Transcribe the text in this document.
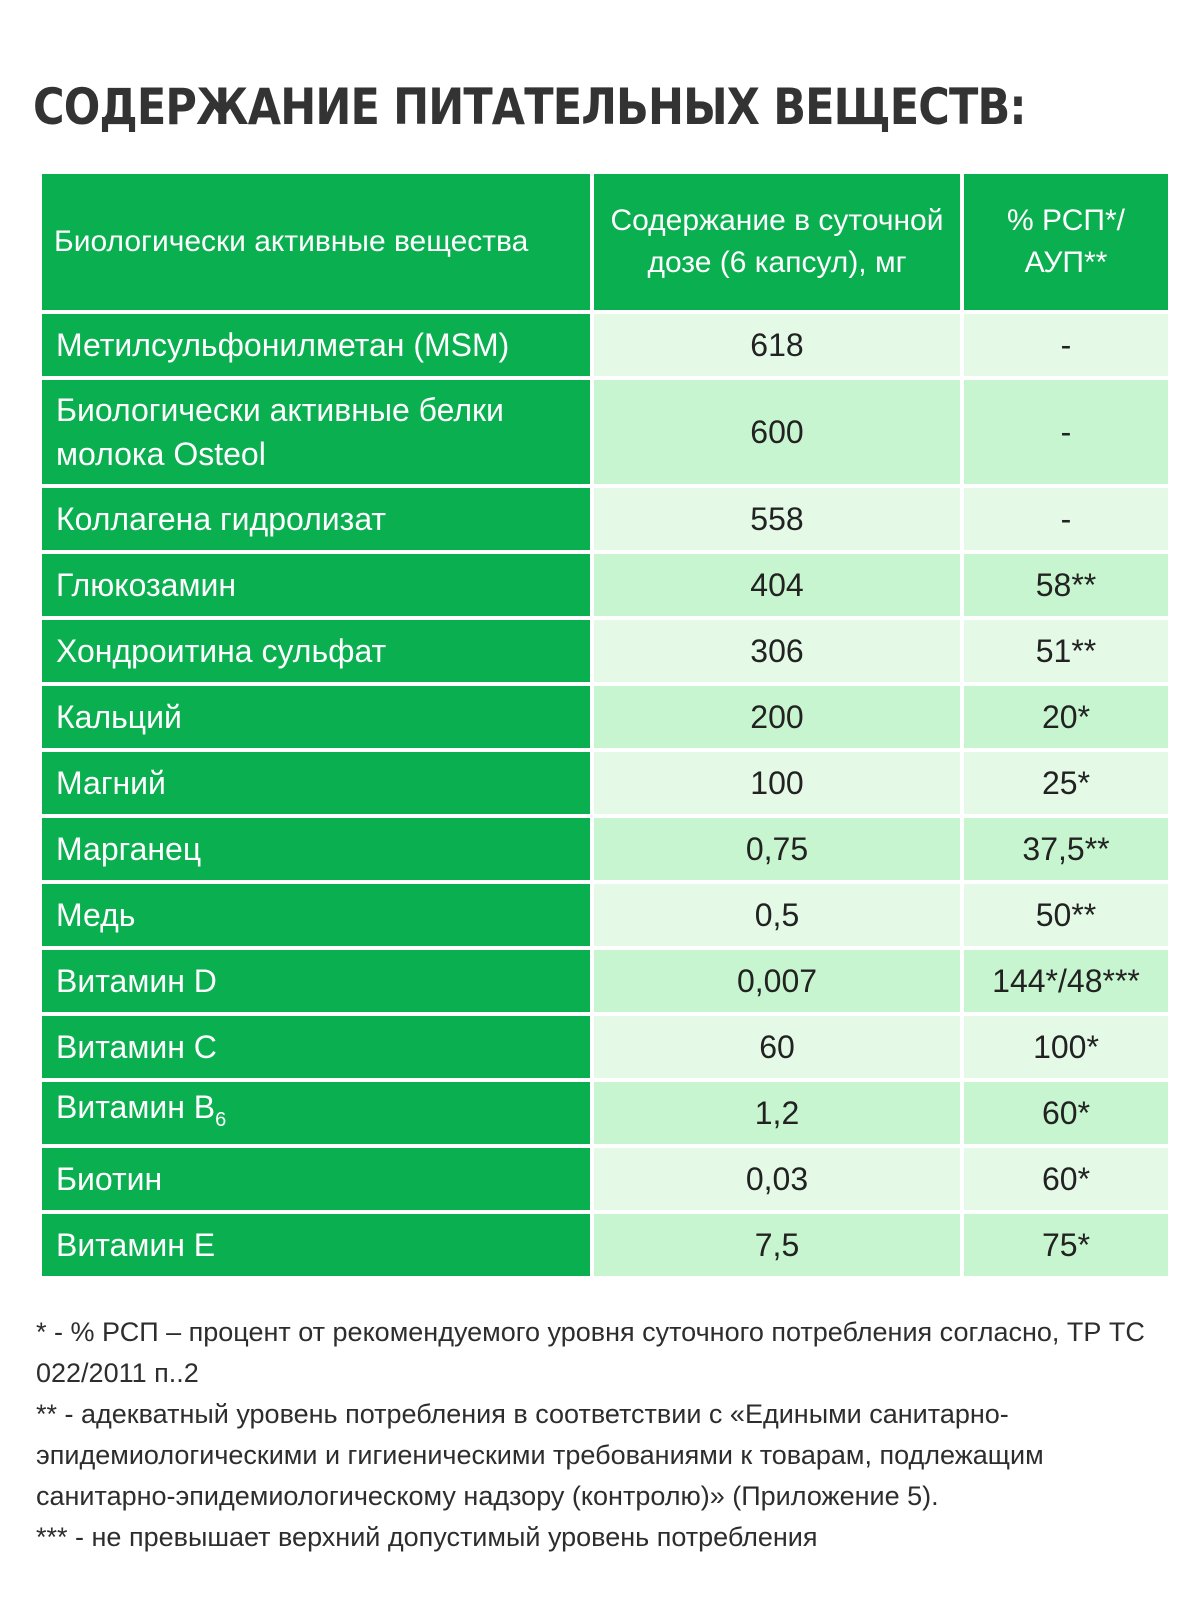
СОДЕРЖАНИЕ ПИТАТЕЛЬНЫХ ВЕЩЕСТВ:
Биологически активные вещества	Содержание в суточной дозе (6 капсул), мг	% РСП*/ АУП**
Метилсульфонилметан (MSM)	618	-
Биологически активные белки молока Osteol	600	-
Коллагена гидролизат	558	-
Глюкозамин	404	58**
Хондроитина сульфат	306	51**
Кальций	200	20*
Магний	100	25*
Марганец	0,75	37,5**
Медь	0,5	50**
Витамин D	0,007	144*/48***
Витамин C	60	100*
Витамин $B_6$	1,2	60*
Биотин	0,03	60*
Витамин E	7,5	75*

* - % РСП – процент от рекомендуемого уровня суточного потребления согласно, ТР ТС 022/2011 п..2

** - адекватный уровень потребления в соответствии с «Едиными санитарно-эпидемиологическими и гигиеническими требованиями к товарам, подлежащим санитарно-эпидемиологическому надзору (контролю)» (Приложение 5).

*** - не превышает верхний допустимый уровень потребления
